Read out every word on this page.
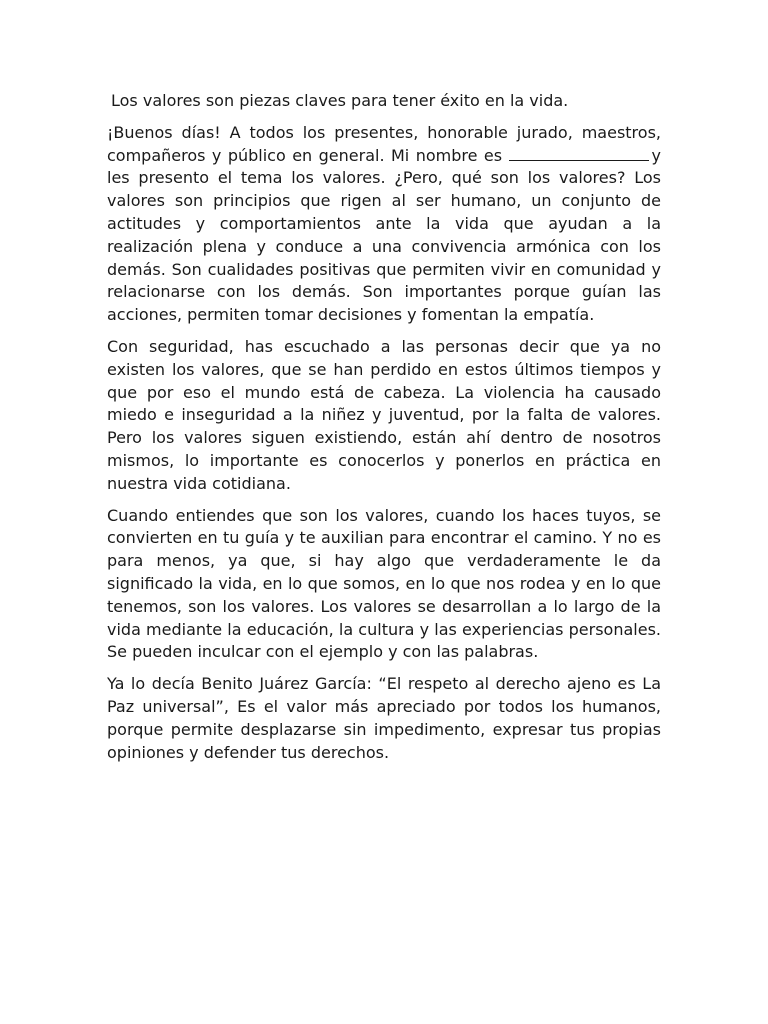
Los valores son piezas claves para tener éxito en la vida.

¡Buenos días! A todos los presentes, honorable jurado, maestros, compañeros y público en general. Mi nombre es	y les presento el tema los valores. ¿Pero, qué son los valores? Los valores son principios que rigen al ser humano, un conjunto de actitudes y comportamientos ante la vida que ayudan a la realización plena y conduce a una convivencia armónica con los demás. Son cualidades positivas que permiten vivir en comunidad y relacionarse con los demás. Son importantes porque guían las acciones, permiten tomar decisiones y fomentan la empatía.

Con seguridad, has escuchado a las personas decir que ya no existen los valores, que se han perdido en estos últimos tiempos y que por eso el mundo está de cabeza. La violencia ha causado miedo e inseguridad a la niñez y juventud, por la falta de valores. Pero los valores siguen existiendo, están ahí dentro de nosotros mismos, lo importante es conocerlos y ponerlos en práctica en nuestra vida cotidiana.

Cuando entiendes que son los valores, cuando los haces tuyos, se convierten en tu guía y te auxilian para encontrar el camino. Y no es para menos, ya que, si hay algo que verdaderamente le da significado la vida, en lo que somos, en lo que nos rodea y en lo que tenemos, son los valores. Los valores se desarrollan a lo largo de la vida mediante la educación, la cultura y las experiencias personales. Se pueden inculcar con el ejemplo y con las palabras.

Ya lo decía Benito Juárez García: “El respeto al derecho ajeno es La Paz universal”, Es el valor más apreciado por todos los humanos, porque permite desplazarse sin impedimento, expresar tus propias opiniones y defender tus derechos.
